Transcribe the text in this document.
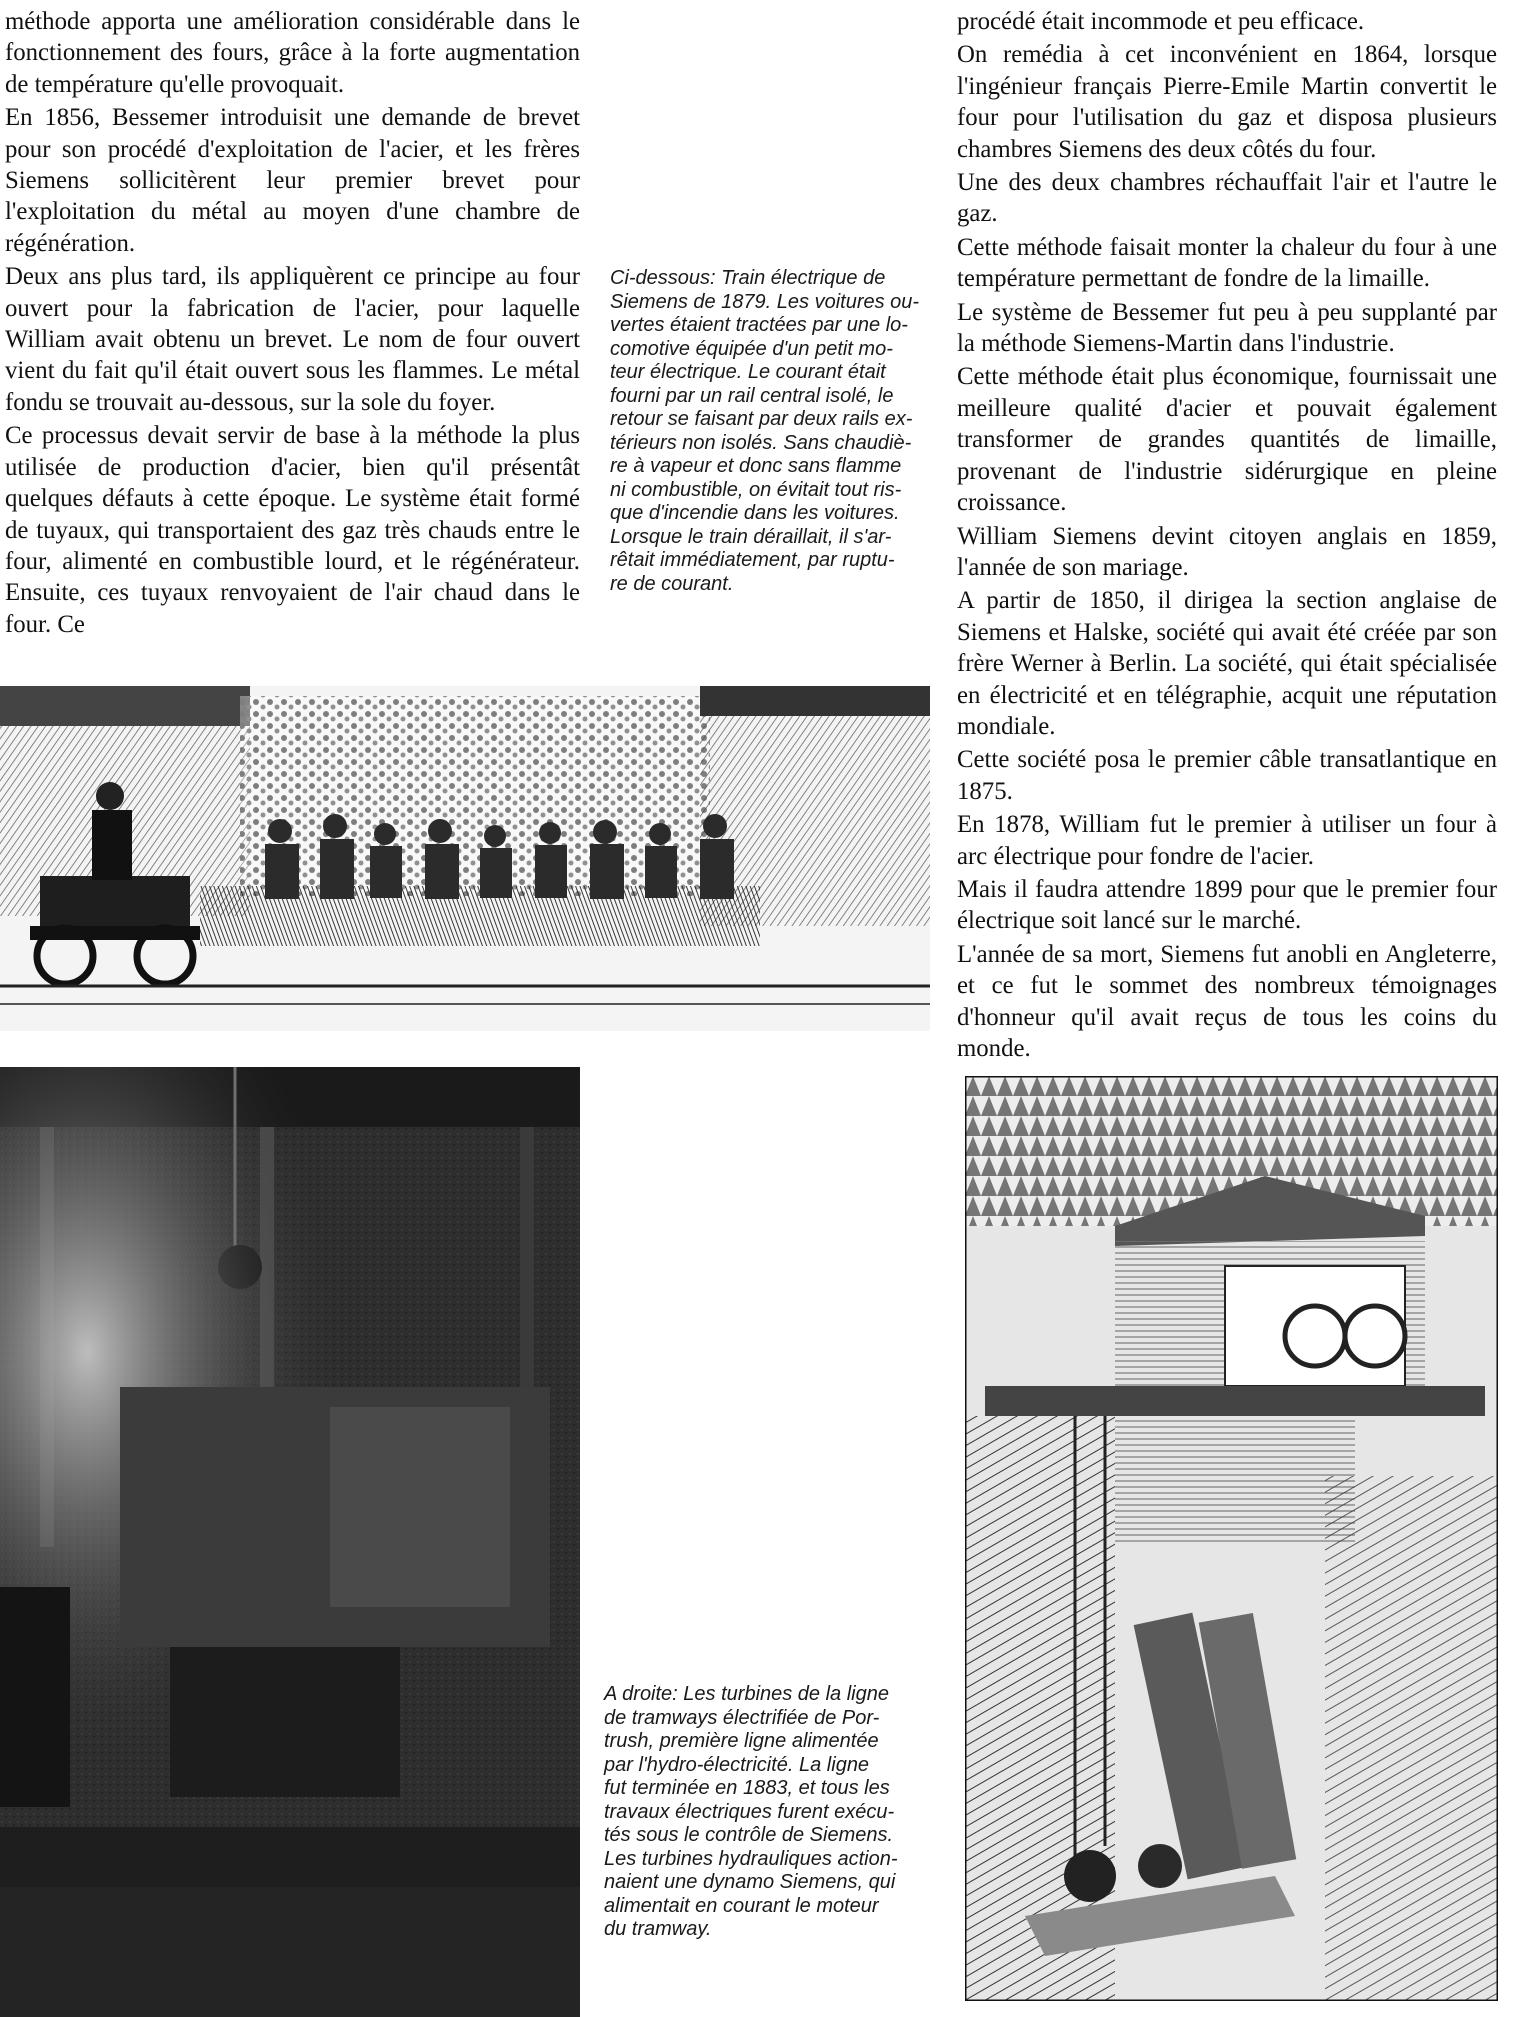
méthode apporta une amélioration considérable dans le fonctionnement des fours, grâce à la forte augmentation de température qu'elle provoquait.

En 1856, Bessemer introduisit une demande de brevet pour son procédé d'exploitation de l'acier, et les frères Siemens sollicitèrent leur premier brevet pour l'exploitation du métal au moyen d'une chambre de régénération.

Deux ans plus tard, ils appliquèrent ce principe au four ouvert pour la fabrication de l'acier, pour laquelle William avait obtenu un brevet. Le nom de four ouvert vient du fait qu'il était ouvert sous les flammes. Le métal fondu se trouvait au-dessous, sur la sole du foyer.

Ce processus devait servir de base à la méthode la plus utilisée de production d'acier, bien qu'il présentât quelques défauts à cette époque. Le système était formé de tuyaux, qui transportaient des gaz très chauds entre le four, alimenté en combustible lourd, et le régénérateur. Ensuite, ces tuyaux renvoyaient de l'air chaud dans le four. Ce

Ci-dessous: Train électrique de
Siemens de 1879. Les voitures ou-
vertes étaient tractées par une lo-
comotive équipée d'un petit mo-
teur électrique. Le courant était
fourni par un rail central isolé, le
retour se faisant par deux rails ex-
térieurs non isolés. Sans chaudiè-
re à vapeur et donc sans flamme
ni combustible, on évitait tout ris-
que d'incendie dans les voitures.
Lorsque le train déraillait, il s'ar-
rêtait immédiatement, par ruptu-
re de courant.

procédé était incommode et peu efficace.

On remédia à cet inconvénient en 1864, lorsque l'ingénieur français Pierre-Emile Martin convertit le four pour l'utilisation du gaz et disposa plusieurs chambres Siemens des deux côtés du four.

Une des deux chambres réchauffait l'air et l'autre le gaz.

Cette méthode faisait monter la chaleur du four à une température permettant de fondre de la limaille.

Le système de Bessemer fut peu à peu supplanté par la méthode Siemens-Martin dans l'industrie.

Cette méthode était plus économique, fournissait une meilleure qualité d'acier et pouvait également transformer de grandes quantités de limaille, provenant de l'industrie sidérurgique en pleine croissance.

William Siemens devint citoyen anglais en 1859, l'année de son mariage.

A partir de 1850, il dirigea la section anglaise de Siemens et Halske, société qui avait été créée par son frère Werner à Berlin. La société, qui était spécialisée en électricité et en télégraphie, acquit une réputation mondiale.

Cette société posa le premier câble transatlantique en 1875.

En 1878, William fut le premier à utiliser un four à arc électrique pour fondre de l'acier.

Mais il faudra attendre 1899 pour que le premier four électrique soit lancé sur le marché.

L'année de sa mort, Siemens fut anobli en Angleterre, et ce fut le sommet des nombreux témoignages d'honneur qu'il avait reçus de tous les coins du monde.

A droite: Les turbines de la ligne
de tramways électrifiée de Por-
trush, première ligne alimentée
par l'hydro-électricité. La ligne
fut terminée en 1883, et tous les
travaux électriques furent exécu-
tés sous le contrôle de Siemens.
Les turbines hydrauliques action-
naient une dynamo Siemens, qui
alimentait en courant le moteur
du tramway.
